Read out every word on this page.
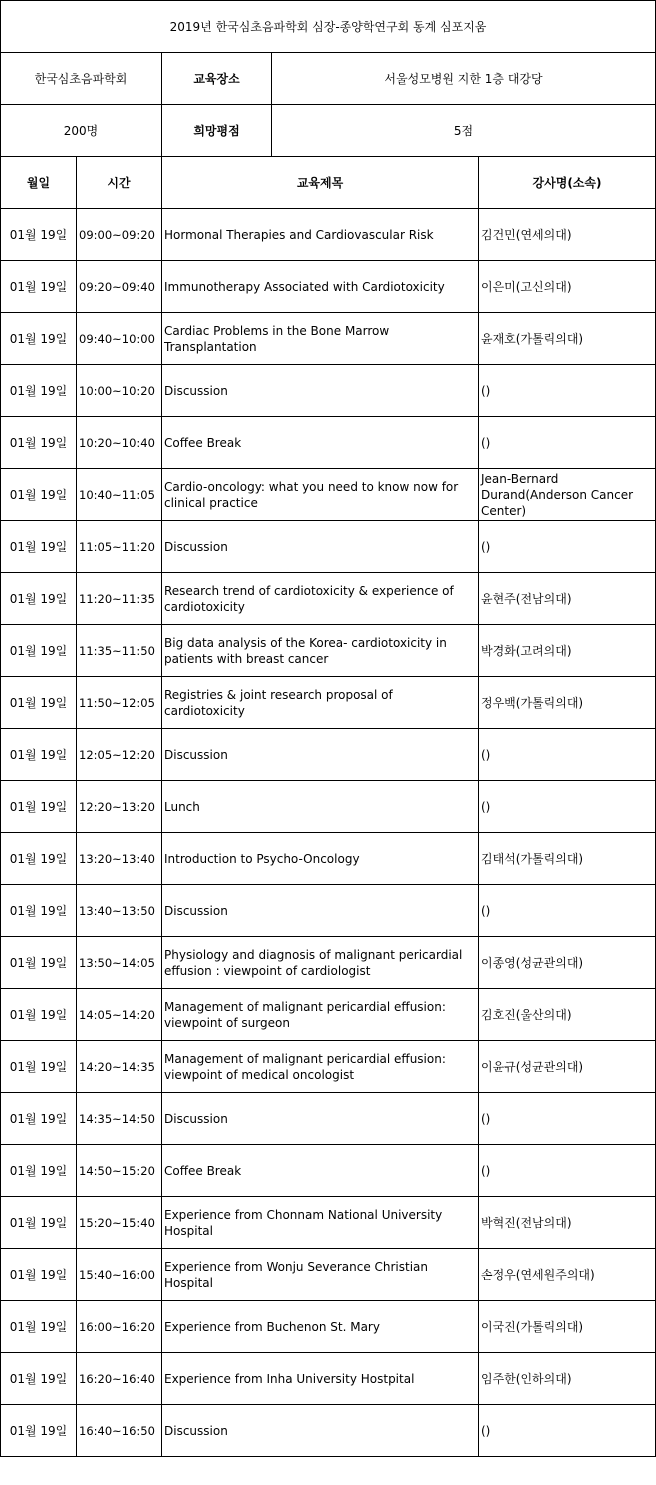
2019년 한국심초음파학회 심장-종양학연구회 동계 심포지움				
한국심초음파학회		교육장소	서울성모병원 지한 1층 대강당	
200명		희망평점	5점	
월일	시간	교육제목		강사명(소속)
01월 19일	09:00~09:20	Hormonal Therapies and Cardiovascular Risk		김건민(연세의대)
01월 19일	09:20~09:40	Immunotherapy Associated with Cardiotoxicity		이은미(고신의대)
01월 19일	09:40~10:00	Cardiac Problems in the Bone Marrow Transplantation		윤재호(가톨릭의대)
01월 19일	10:00~10:20	Discussion		()
01월 19일	10:20~10:40	Coffee Break		()
01월 19일	10:40~11:05	Cardio-oncology: what you need to know now for clinical practice		Jean-Bernard Durand(Anderson Cancer Center)
01월 19일	11:05~11:20	Discussion		()
01월 19일	11:20~11:35	Research trend of cardiotoxicity & experience of cardiotoxicity		윤현주(전남의대)
01월 19일	11:35~11:50	Big data analysis of the Korea- cardiotoxicity in patients with breast cancer		박경화(고려의대)
01월 19일	11:50~12:05	Registries & joint research proposal of cardiotoxicity		정우백(가톨릭의대)
01월 19일	12:05~12:20	Discussion		()
01월 19일	12:20~13:20	Lunch		()
01월 19일	13:20~13:40	Introduction to Psycho-Oncology		김태석(가톨릭의대)
01월 19일	13:40~13:50	Discussion		()
01월 19일	13:50~14:05	Physiology and diagnosis of malignant pericardial effusion : viewpoint of cardiologist		이종영(성균관의대)
01월 19일	14:05~14:20	Management of malignant pericardial effusion: viewpoint of surgeon		김호진(울산의대)
01월 19일	14:20~14:35	Management of malignant pericardial effusion: viewpoint of medical oncologist		이윤규(성균관의대)
01월 19일	14:35~14:50	Discussion		()
01월 19일	14:50~15:20	Coffee Break		()
01월 19일	15:20~15:40	Experience from Chonnam National University Hospital		박혁진(전남의대)
01월 19일	15:40~16:00	Experience from Wonju Severance Christian Hospital		손정우(연세원주의대)
01월 19일	16:00~16:20	Experience from Buchenon St. Mary		이국진(가톨릭의대)
01월 19일	16:20~16:40	Experience from Inha University Hostpital		임주한(인하의대)
01월 19일	16:40~16:50	Discussion		()
